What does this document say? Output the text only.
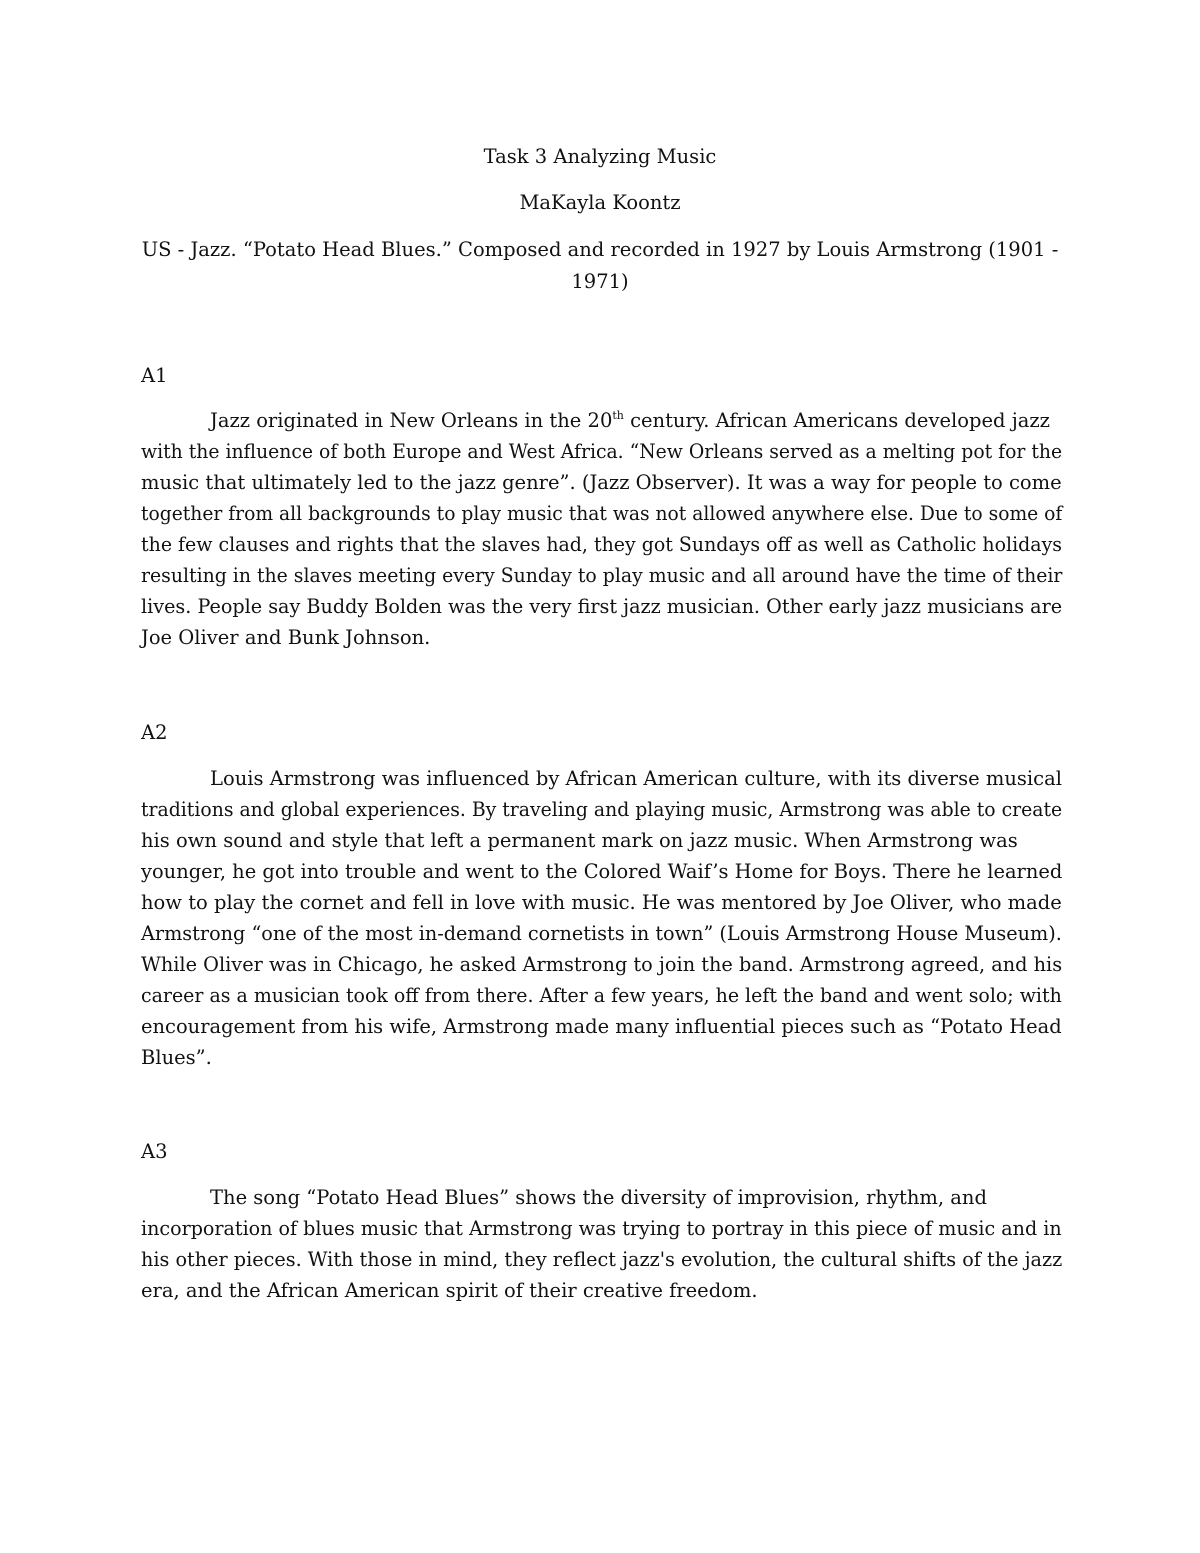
Task 3 Analyzing Music
MaKayla Koontz
US - Jazz. “Potato Head Blues.” Composed and recorded in 1927 by Louis Armstrong (1901 -
1971)
A1
Jazz originated in New Orleans in the 20th century. African Americans developed jazz
with the influence of both Europe and West Africa. “New Orleans served as a melting pot for the
music that ultimately led to the jazz genre”. (Jazz Observer). It was a way for people to come
together from all backgrounds to play music that was not allowed anywhere else. Due to some of
the few clauses and rights that the slaves had, they got Sundays off as well as Catholic holidays
resulting in the slaves meeting every Sunday to play music and all around have the time of their
lives. People say Buddy Bolden was the very first jazz musician. Other early jazz musicians are
Joe Oliver and Bunk Johnson.
A2
Louis Armstrong was influenced by African American culture, with its diverse musical
traditions and global experiences. By traveling and playing music, Armstrong was able to create
his own sound and style that left a permanent mark on jazz music. When Armstrong was
younger, he got into trouble and went to the Colored Waif’s Home for Boys. There he learned
how to play the cornet and fell in love with music. He was mentored by Joe Oliver, who made
Armstrong “one of the most in-demand cornetists in town” (Louis Armstrong House Museum).
While Oliver was in Chicago, he asked Armstrong to join the band. Armstrong agreed, and his
career as a musician took off from there. After a few years, he left the band and went solo; with
encouragement from his wife, Armstrong made many influential pieces such as “Potato Head
Blues”.
A3
The song “Potato Head Blues” shows the diversity of improvision, rhythm, and
incorporation of blues music that Armstrong was trying to portray in this piece of music and in
his other pieces. With those in mind, they reflect jazz's evolution, the cultural shifts of the jazz
era, and the African American spirit of their creative freedom.
